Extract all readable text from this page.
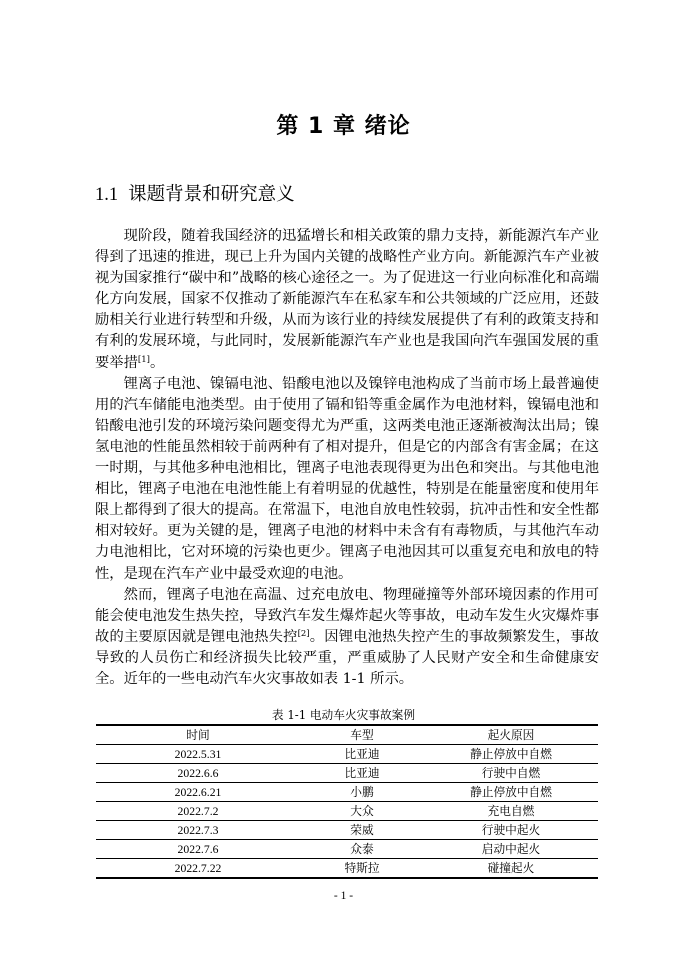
第 1 章 绪论
1.1 课题背景和研究意义

现阶段，随着我国经济的迅猛增长和相关政策的鼎力支持，新能源汽车产业得到了迅速的推进，现已上升为国内关键的战略性产业方向。新能源汽车产业被视为国家推行“碳中和”战略的核心途径之一。为了促进这一行业向标准化和高端化方向发展，国家不仅推动了新能源汽车在私家车和公共领域的广泛应用，还鼓励相关行业进行转型和升级，从而为该行业的持续发展提供了有利的政策支持和有利的发展环境，与此同时，发展新能源汽车产业也是我国向汽车强国发展的重要举措[1]。

锂离子电池、镍镉电池、铅酸电池以及镍锌电池构成了当前市场上最普遍使用的汽车储能电池类型。由于使用了镉和铅等重金属作为电池材料，镍镉电池和铅酸电池引发的环境污染问题变得尤为严重，这两类电池正逐渐被淘汰出局；镍氢电池的性能虽然相较于前两种有了相对提升，但是它的内部含有害金属；在这一时期，与其他多种电池相比，锂离子电池表现得更为出色和突出。与其他电池相比，锂离子电池在电池性能上有着明显的优越性，特别是在能量密度和使用年限上都得到了很大的提高。在常温下，电池自放电性较弱，抗冲击性和安全性都相对较好。更为关键的是，锂离子电池的材料中未含有有毒物质，与其他汽车动力电池相比，它对环境的污染也更少。锂离子电池因其可以重复充电和放电的特性，是现在汽车产业中最受欢迎的电池。

然而，锂离子电池在高温、过充电放电、物理碰撞等外部环境因素的作用可能会使电池发生热失控，导致汽车发生爆炸起火等事故，电动车发生火灾爆炸事故的主要原因就是锂电池热失控[2]。因锂电池热失控产生的事故频繁发生，事故导致的人员伤亡和经济损失比较严重，严重威胁了人民财产安全和生命健康安全。近年的一些电动汽车火灾事故如表 1-1 所示。

表 1-1 电动车火灾事故案例
时间	车型	起火原因
2022.5.31	比亚迪	静止停放中自燃
2022.6.6	比亚迪	行驶中自燃
2022.6.21	小鹏	静止停放中自燃
2022.7.2	大众	充电自燃
2022.7.3	荣威	行驶中起火
2022.7.6	众泰	启动中起火
2022.7.22	特斯拉	碰撞起火
- 1 -
